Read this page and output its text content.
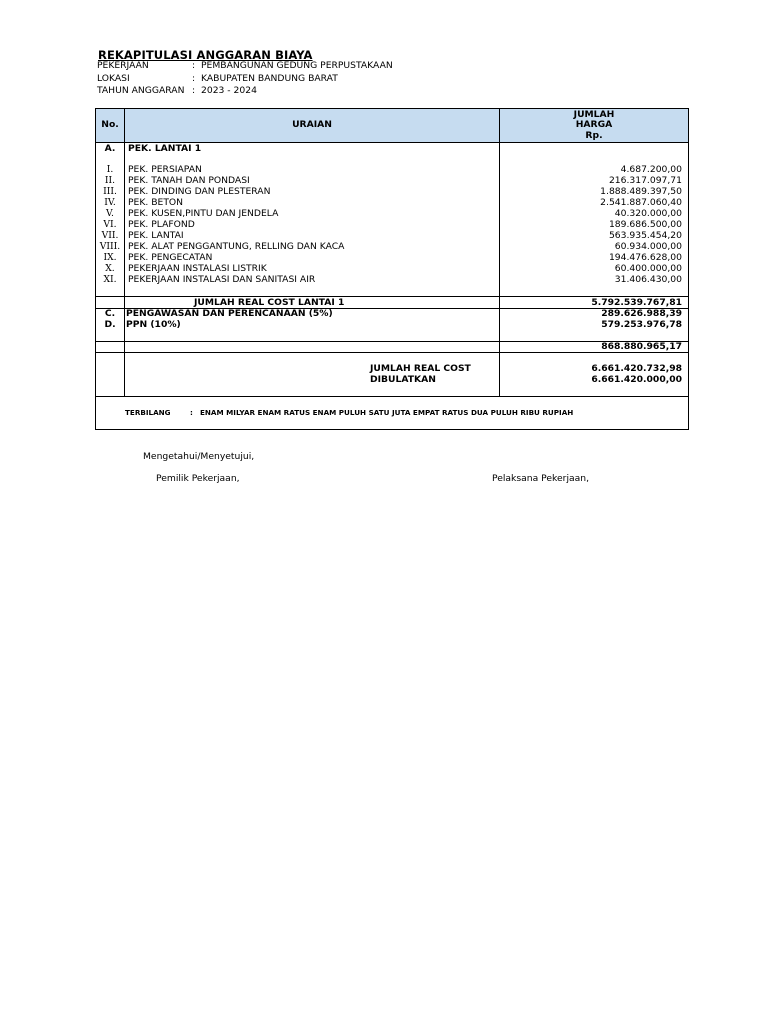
REKAPITULASI ANGGARAN BIAYA
PEKERJAAN	: PEMBANGUNAN GEDUNG PERPUSTAKAAN
LOKASI	: KABUPATEN BANDUNG BARAT
TAHUN ANGGARAN : 2023 - 2024
No.	URAIAN
JUMLAH
HARGA
Rp.
A.	PEK. LANTAI 1
I.	PEK. PERSIAPAN	4.687.200,00
II.	PEK. TANAH DAN PONDASI	216.317.097,71
III.	PEK. DINDING DAN PLESTERAN	1.888.489.397,50
IV.	PEK. BETON	2.541.887.060,40
V.	PEK. KUSEN,PINTU DAN JENDELA	40.320.000,00
VI.	PEK. PLAFOND	189.686.500,00
VII.	PEK. LANTAI	563.935.454,20
VIII. PEK. ALAT PENGGANTUNG, RELLING DAN KACA	60.934.000,00
IX.	PEK. PENGECATAN	194.476.628,00
X.	PEKERJAAN INSTALASI LISTRIK	60.400.000,00
XI.	PEKERJAAN INSTALASI DAN SANITASI AIR	31.406.430,00
JUMLAH REAL COST LANTAI 1	5.792.539.767,81
C.	PENGAWASAN DAN PERENCANAAN (5%)	289.626.988,39
D.	PPN (10%)	579.253.976,78
868.880.965,17
JUMLAH REAL COST	6.661.420.732,98
DIBULATKAN	6.661.420.000,00
TERBILANG	: ENAM MILYAR ENAM RATUS ENAM PULUH SATU JUTA EMPAT RATUS DUA PULUH RIBU RUPIAH
Mengetahui/Menyetujui,
Pemilik Pekerjaan,	Pelaksana Pekerjaan,
